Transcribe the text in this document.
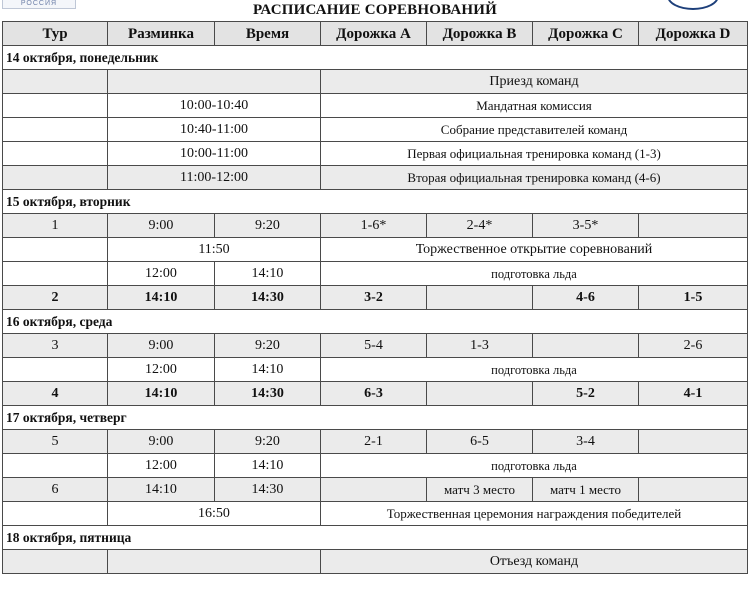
РОССИЯ	РАСПИСАНИЕ СОРЕВНОВАНИЙ
Тур	Разминка	Время	Дорожка A	Дорожка B	Дорожка C	Дорожка D
14 октября, понедельник						
			Приезд команд			
	10:00-10:40		Мандатная комиссия			
	10:40-11:00		Собрание представителей команд			
	10:00-11:00		Первая официальная тренировка команд (1-3)			
	11:00-12:00		Вторая официальная тренировка команд (4-6)			
15 октября, вторник						
1	9:00	9:20	1-6*	2-4*	3-5*	
	11:50		Торжественное открытие соревнований			
	12:00	14:10	подготовка льда			
2	14:10	14:30	3-2		4-6	1-5
16 октября, среда						
3	9:00	9:20	5-4	1-3		2-6
	12:00	14:10	подготовка льда			
4	14:10	14:30	6-3		5-2	4-1
17 октября, четверг						
5	9:00	9:20	2-1	6-5	3-4	
	12:00	14:10	подготовка льда			
6	14:10	14:30		матч 3 место	матч 1 место	
	16:50		Торжественная церемония награждения победителей			
18 октября, пятница						
			Отъезд команд			
